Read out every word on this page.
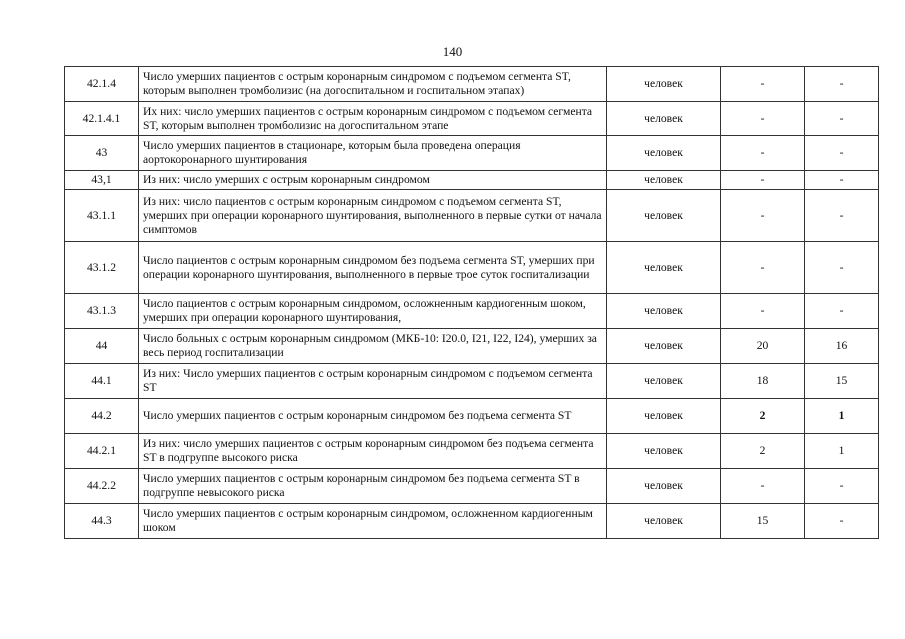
140
42.1.4	Число умерших пациентов с острым коронарным синдромом с подъемом сегмента ST, которым выполнен тромболизис (на догоспитальном и госпитальном этапах)	человек	-	-
42.1.4.1	Их них: число умерших пациентов с острым коронарным синдромом с подъемом сегмента ST, которым выполнен тромболизис на догоспитальном этапе	человек	-	-
43	Число умерших пациентов в стационаре, которым была проведена операция аортокоронарного шунтирования	человек	-	-
43,1	Из них: число умерших с острым коронарным синдромом	человек	-	-
43.1.1	Из них: число пациентов с острым коронарным синдромом с подъемом сегмента ST, умерших при операции коронарного шунтирования, выполненного в первые сутки от начала симптомов	человек	-	-
43.1.2	Число пациентов с острым коронарным синдромом без подъема сегмента ST, умерших при операции коронарного шунтирования, выполненного в первые трое суток госпитализации	человек	-	-
43.1.3	Число пациентов с острым коронарным синдромом, осложненным кардиогенным шоком, умерших при операции коронарного шунтирования,	человек	-	-
44	Число больных с острым коронарным синдромом (МКБ-10: I20.0, I21, I22, I24), умерших за весь период госпитализации	человек	20	16
44.1	Из них: Число умерших пациентов с острым коронарным синдромом с подъемом сегмента ST	человек	18	15
44.2	Число умерших пациентов с острым коронарным синдромом без подъема сегмента ST	человек	2	1
44.2.1	Из них: число умерших пациентов с острым коронарным синдромом без подъема сегмента ST в подгруппе высокого риска	человек	2	1
44.2.2	Число умерших пациентов с острым коронарным синдромом без подъема сегмента ST в подгруппе невысокого риска	человек	-	-
44.3	Число умерших пациентов с острым коронарным синдромом, осложненном кардиогенным шоком	человек	15	-
